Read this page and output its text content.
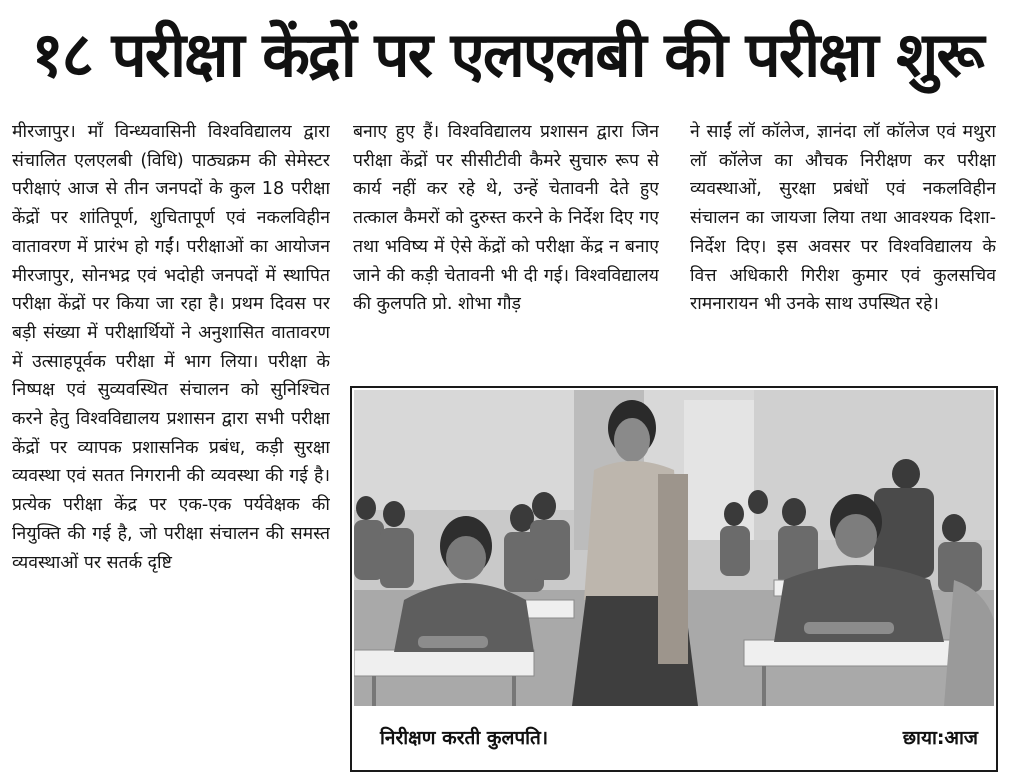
१८ परीक्षा केंद्रों पर एलएलबी की परीक्षा शुरू

मीरजापुर। माँ विन्ध्यवासिनी विश्वविद्यालय द्वारा संचालित एलएलबी (विधि) पाठ्यक्रम की सेमेस्टर परीक्षाएं आज से तीन जनपदों के कुल 18 परीक्षा केंद्रों पर शांतिपूर्ण, शुचितापूर्ण एवं नकलविहीन वातावरण में प्रारंभ हो गईं। परीक्षाओं का आयोजन मीरजापुर, सोनभद्र एवं भदोही जनपदों में स्थापित परीक्षा केंद्रों पर किया जा रहा है। प्रथम दिवस पर बड़ी संख्या में परीक्षार्थियों ने अनुशासित वातावरण में उत्साहपूर्वक परीक्षा में भाग लिया। परीक्षा के निष्पक्ष एवं सुव्यवस्थित संचालन को सुनिश्चित करने हेतु विश्वविद्यालय प्रशासन द्वारा सभी परीक्षा केंद्रों पर व्यापक प्रशासनिक प्रबंध, कड़ी सुरक्षा व्यवस्था एवं सतत निगरानी की व्यवस्था की गई है। प्रत्येक परीक्षा केंद्र पर एक-एक पर्यवेक्षक की नियुक्ति की गई है, जो परीक्षा संचालन की समस्त व्यवस्थाओं पर सतर्क दृष्टि

बनाए हुए हैं। विश्वविद्यालय प्रशासन द्वारा जिन परीक्षा केंद्रों पर सीसीटीवी कैमरे सुचारु रूप से कार्य नहीं कर रहे थे, उन्हें चेतावनी देते हुए तत्काल कैमरों को दुरुस्त करने के निर्देश दिए गए तथा भविष्य में ऐसे केंद्रों को परीक्षा केंद्र न बनाए जाने की कड़ी चेतावनी भी दी गई। विश्वविद्यालय की कुलपति प्रो. शोभा गौड़

ने साईं लॉ कॉलेज, ज्ञानंदा लॉ कॉलेज एवं मथुरा लॉ कॉलेज का औचक निरीक्षण कर परीक्षा व्यवस्थाओं, सुरक्षा प्रबंधों एवं नकलविहीन संचालन का जायजा लिया तथा आवश्यक दिशा-निर्देश दिए। इस अवसर पर विश्वविद्यालय के वित्त अधिकारी गिरीश कुमार एवं कुलसचिव रामनारायन भी उनके साथ उपस्थित रहे।

निरीक्षण करती कुलपति।	छाया:आज
